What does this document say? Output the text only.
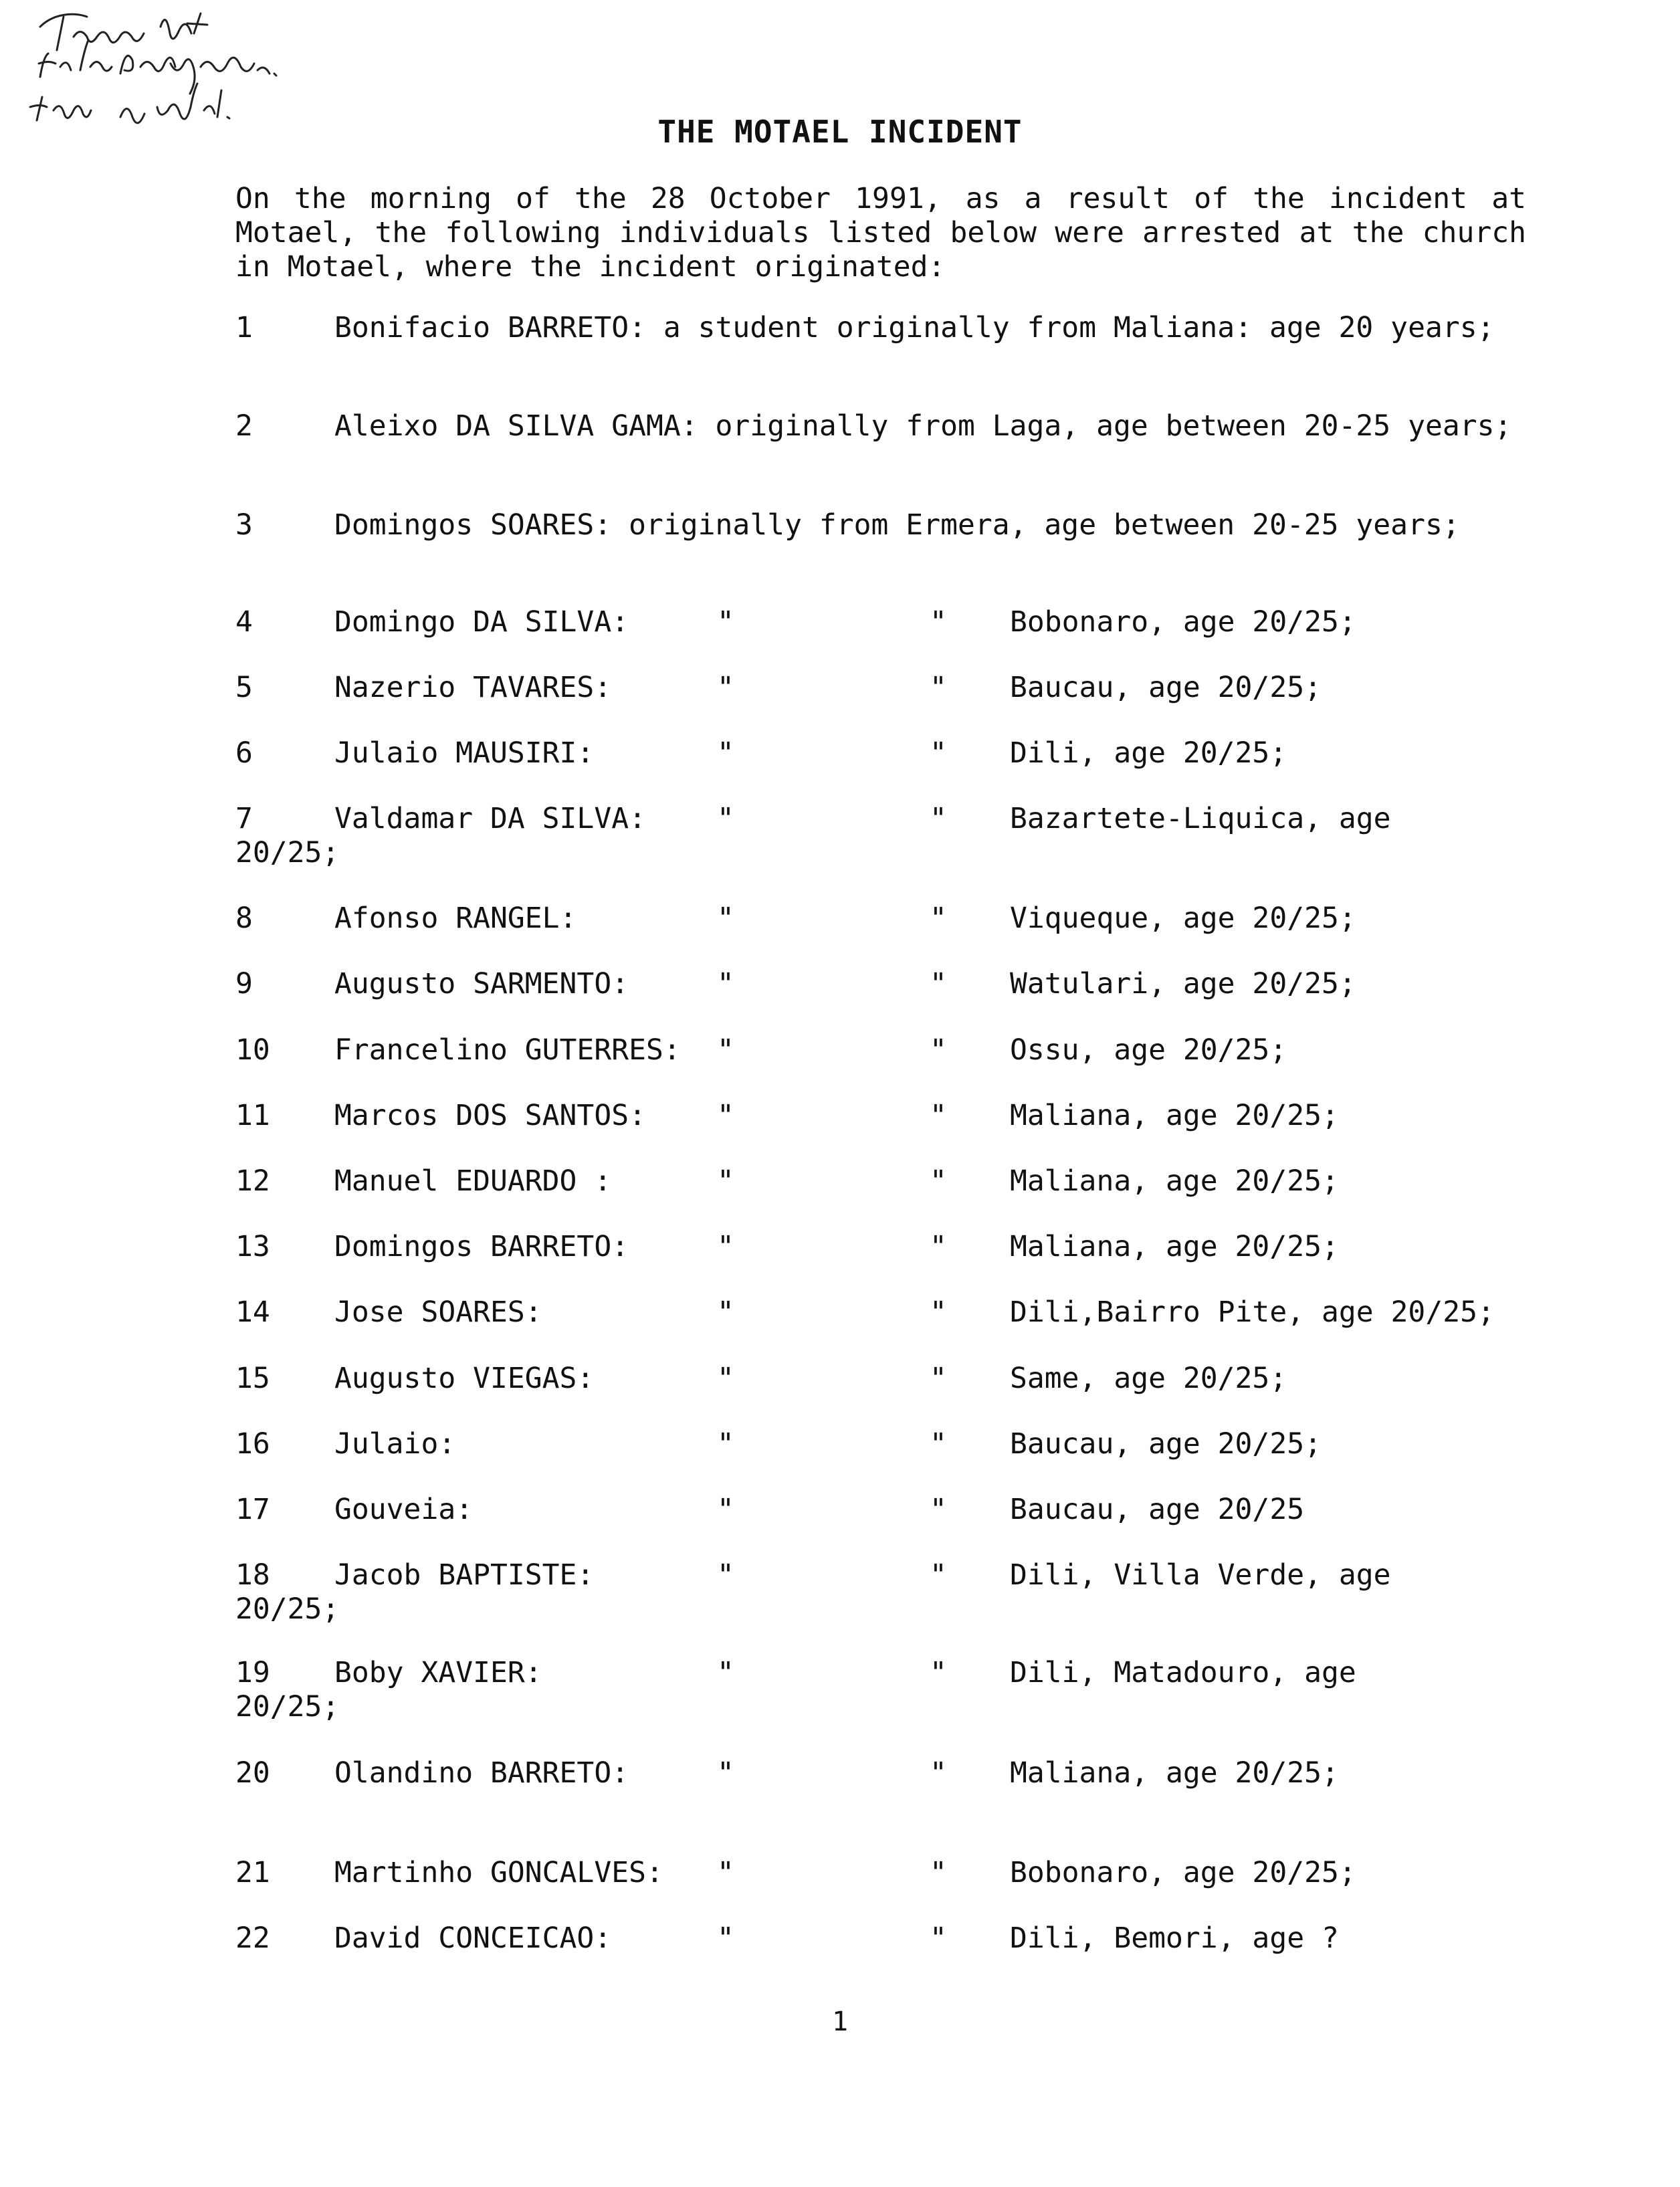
THE MOTAEL INCIDENT
On the morning of the 28 October 1991, as a result of the incident at Motael, the following individuals listed below were arrested at the church in Motael, where the incident originated:
1	Bonifacio BARRETO: a student originally from Maliana: age 20 years;
2	Aleixo DA SILVA GAMA: originally from Laga, age between 20-25 years;
3	Domingos SOARES: originally from Ermera, age between 20-25 years;
4	Domingo DA SILVA:	"	" Bobonaro, age 20/25;
5	Nazerio TAVARES:	"	" Baucau, age 20/25;
6	Julaio MAUSIRI:	"	" Dili, age 20/25;
7	Valdamar DA SILVA: "	" Bazartete-Liquica, age
20/25;
8	Afonso RANGEL:	"	" Viqueque, age 20/25;
9	Augusto SARMENTO:	"	" Watulari, age 20/25;
10 Francelino GUTERRES: "	" Ossu, age 20/25;
11 Marcos DOS SANTOS: "	" Maliana, age 20/25;
12 Manuel EDUARDO :	"	" Maliana, age 20/25;
13 Domingos BARRETO:	"	" Maliana, age 20/25;
14 Jose SOARES:	"	" Dili,Bairro Pite, age 20/25;
15 Augusto VIEGAS:	"	" Same, age 20/25;
16 Julaio:	"	" Baucau, age 20/25;
17 Gouveia:	"	" Baucau, age 20/25
18 Jacob BAPTISTE:	"	" Dili, Villa Verde, age
20/25;
19 Boby XAVIER:	"	" Dili, Matadouro, age
20/25;
20 Olandino BARRETO:	"	" Maliana, age 20/25;
21 Martinho GONCALVES: "	" Bobonaro, age 20/25;
22 David CONCEICAO:	"	" Dili, Bemori, age ?
1
